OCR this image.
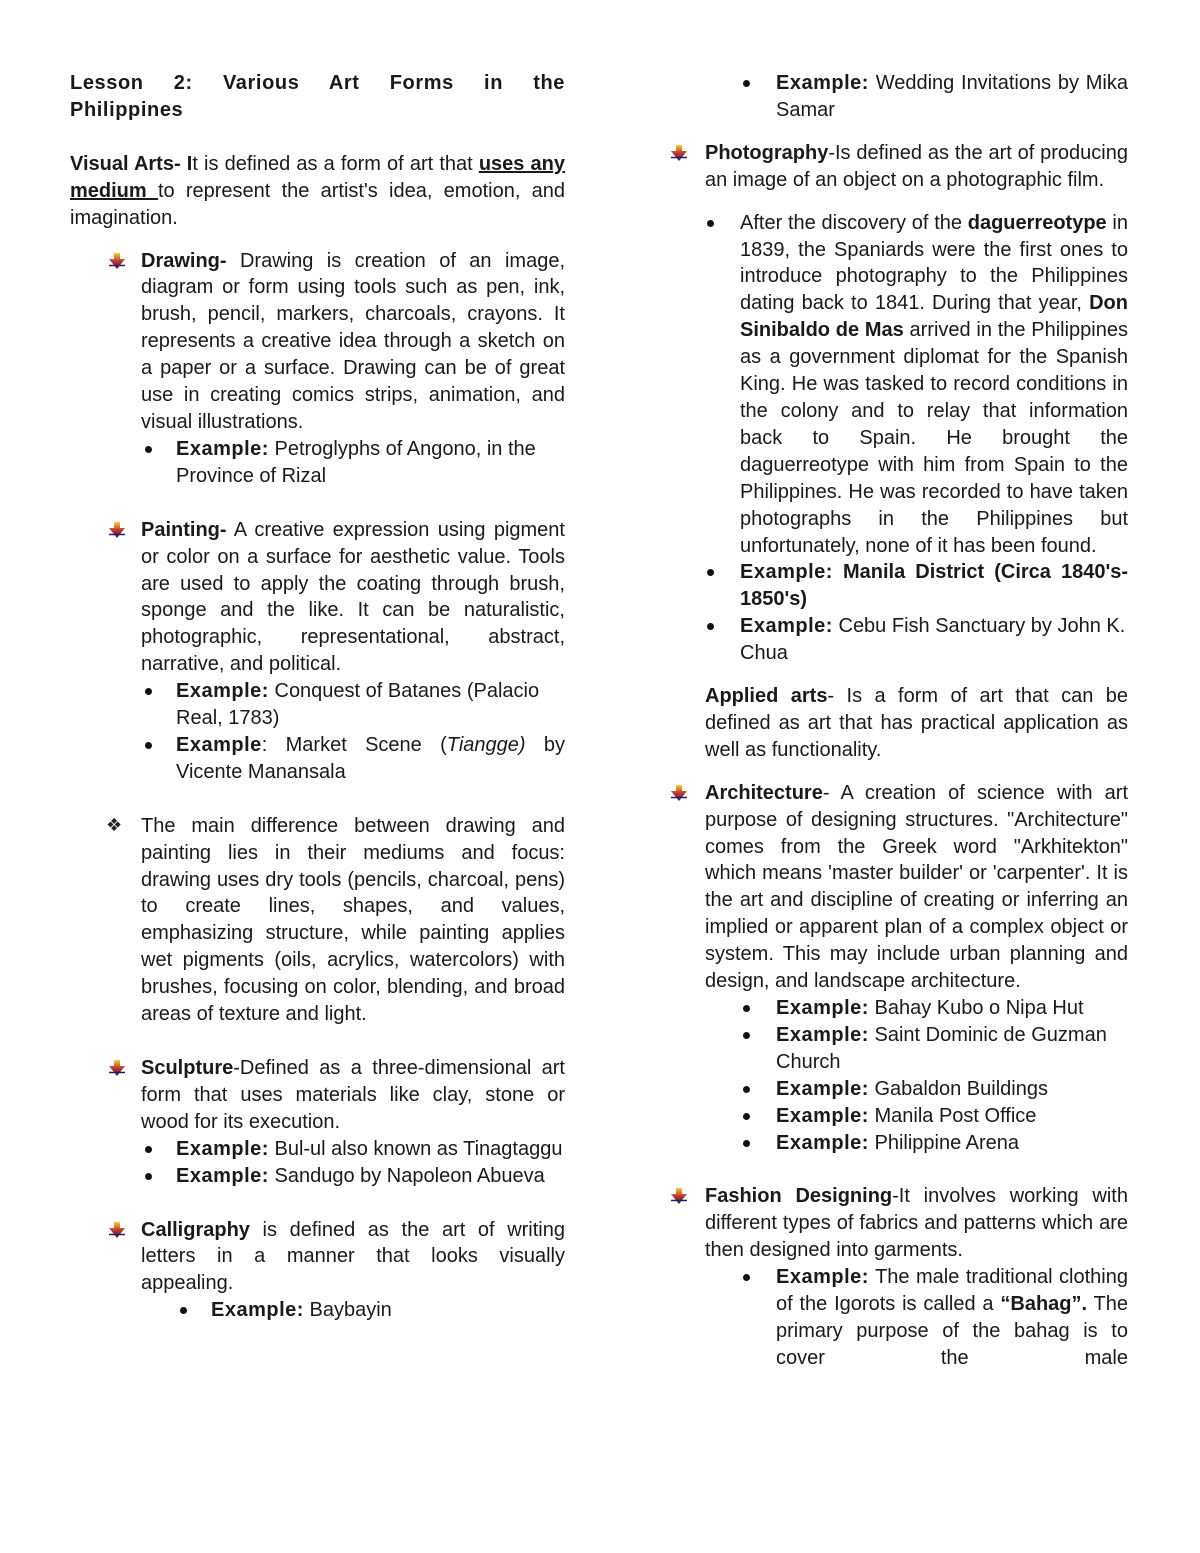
Lesson 2: Various Art Forms in the

Philippines

Visual Arts- It is defined as a form of art that uses any medium to represent the artist's idea, emotion, and imagination.

Drawing- Drawing is creation of an image, diagram or form using tools such as pen, ink, brush, pencil, markers, charcoals, crayons. It represents a creative idea through a sketch on a paper or a surface. Drawing can be of great use in creating comics strips, animation, and visual illustrations.

Example: Petroglyphs of Angono, in the Province of Rizal

Painting- A creative expression using pigment or color on a surface for aesthetic value. Tools are used to apply the coating through brush, sponge and the like. It can be naturalistic, photographic, representational, abstract, narrative, and political.

Example: Conquest of Batanes (Palacio Real, 1783)

Example: Market Scene (Tiangge) by Vicente Manansala

❖ The main difference between drawing and painting lies in their mediums and focus: drawing uses dry tools (pencils, charcoal, pens) to create lines, shapes, and values, emphasizing structure, while painting applies wet pigments (oils, acrylics, watercolors) with brushes, focusing on color, blending, and broad areas of texture and light.

Sculpture-Defined as a three-dimensional art form that uses materials like clay, stone or wood for its execution.

Example: Bul-ul also known as Tinagtaggu

Example: Sandugo by Napoleon Abueva

Calligraphy is defined as the art of writing letters in a manner that looks visually appealing.

Example: Baybayin

Example: Wedding Invitations by Mika Samar

Photography-Is defined as the art of producing an image of an object on a photographic film.

After the discovery of the daguerreotype in 1839, the Spaniards were the first ones to introduce photography to the Philippines dating back to 1841. During that year, Don Sinibaldo de Mas arrived in the Philippines as a government diplomat for the Spanish King. He was tasked to record conditions in the colony and to relay that information back to Spain. He brought the daguerreotype with him from Spain to the Philippines. He was recorded to have taken photographs in the Philippines but unfortunately, none of it has been found.

Example: Manila District (Circa 1840's-1850's)

Example: Cebu Fish Sanctuary by John K. Chua

Applied arts- Is a form of art that can be defined as art that has practical application as well as functionality.

Architecture- A creation of science with art purpose of designing structures. "Architecture" comes from the Greek word "Arkhitekton" which means 'master builder' or 'carpenter'. It is the art and discipline of creating or inferring an implied or apparent plan of a complex object or system. This may include urban planning and design, and landscape architecture.

Example: Bahay Kubo o Nipa Hut

Example: Saint Dominic de Guzman Church

Example: Gabaldon Buildings

Example: Manila Post Office

Example: Philippine Arena

Fashion Designing-It involves working with different types of fabrics and patterns which are then designed into garments.

Example: The male traditional clothing of the Igorots is called a “Bahag”. The primary purpose of the bahag is to cover the male
